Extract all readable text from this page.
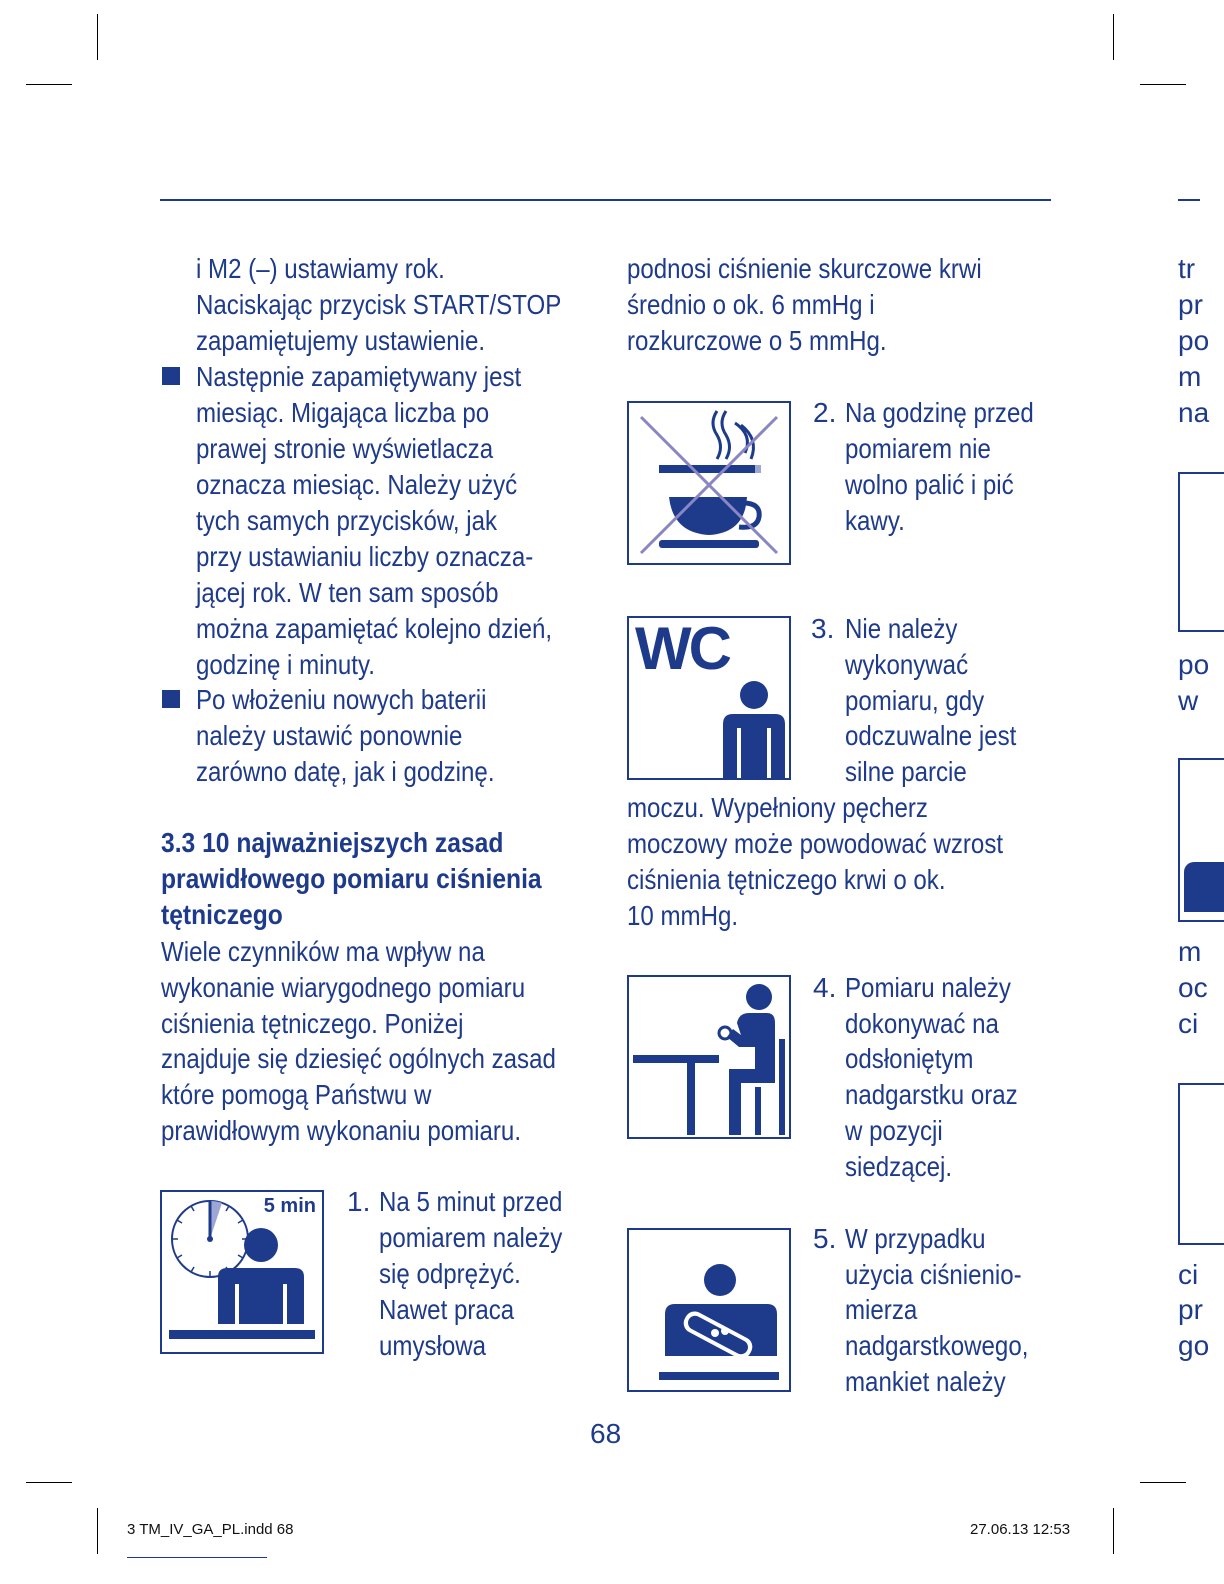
i M2 (–) ustawiamy rok.
Naciskając przycisk START/STOP
zapamiętujemy ustawienie.
Następnie zapamiętywany jest
miesiąc. Migająca liczba po
prawej stronie wyświetlacza
oznacza miesiąc. Należy użyć
tych samych przycisków, jak
przy ustawianiu liczby oznacza-
jącej rok. W ten sam sposób
można zapamiętać kolejno dzień,
godzinę i minuty.
Po włożeniu nowych baterii
należy ustawić ponownie
zarówno datę, jak i godzinę.
3.3 10 najważniejszych zasad
prawidłowego pomiaru ciśnienia
tętniczego
Wiele czynników ma wpływ na
wykonanie wiarygodnego pomiaru
ciśnienia tętniczego. Poniżej
znajduje się dziesięć ogólnych zasad
które pomogą Państwu w
prawidłowym wykonaniu pomiaru.
5 min 1. Na 5 minut przed
pomiarem należy
się odprężyć.
Nawet praca
umysłowa
podnosi ciśnienie skurczowe krwi
średnio o ok. 6 mmHg i
rozkurczowe o 5 mmHg.
2. Na godzinę przed
pomiarem nie
wolno palić i pić
kawy.
WC	3. Nie należy
wykonywać
pomiaru, gdy
odczuwalne jest
silne parcie
moczu. Wypełniony pęcherz
moczowy może powodować wzrost
ciśnienia tętniczego krwi o ok.
10 mmHg.
4. Pomiaru należy
dokonywać na
odsłoniętym
nadgarstku oraz
w pozycji
siedzącej.
5. W przypadku
użycia ciśnienio-
mierza
nadgarstkowego,
mankiet należy
tr
pr
po
m
na
po
w
m
oc
ci
ci
pr
go
68
3 TM_IV_GA_PL.indd 68	27.06.13 12:53
